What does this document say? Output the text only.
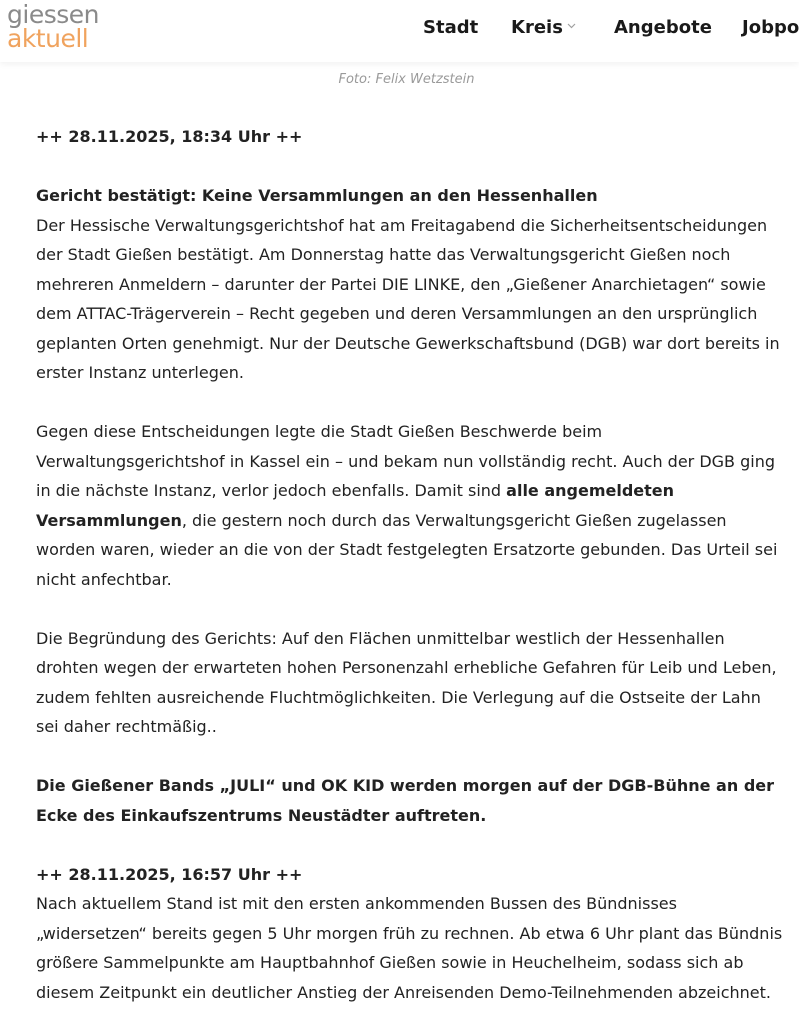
giessen
aktuell	Stadt Kreis	Angebote Jobpo
Foto: Felix Wetzstein

++ 28.11.2025, 18:34 Uhr ++

Gericht bestätigt: Keine Versammlungen an den Hessenhallen

Der Hessische Verwaltungsgerichtshof hat am Freitagabend die Sicherheitsentscheidungen der Stadt Gießen bestätigt. Am Donnerstag hatte das Verwaltungsgericht Gießen noch mehreren Anmeldern – darunter der Partei DIE LINKE, den „Gießener Anarchietagen“ sowie dem ATTAC-Trägerverein – Recht gegeben und deren Versammlungen an den ursprünglich geplanten Orten genehmigt. Nur der Deutsche Gewerkschaftsbund (DGB) war dort bereits in erster Instanz unterlegen.

Gegen diese Entscheidungen legte die Stadt Gießen Beschwerde beim Verwaltungsgerichtshof in Kassel ein – und bekam nun vollständig recht. Auch der DGB ging in die nächste Instanz, verlor jedoch ebenfalls. Damit sind alle angemeldeten Versammlungen, die gestern noch durch das Verwaltungsgericht Gießen zugelassen worden waren, wieder an die von der Stadt festgelegten Ersatzorte gebunden. Das Urteil sei nicht anfechtbar.

Die Begründung des Gerichts: Auf den Flächen unmittelbar westlich der Hessenhallen drohten wegen der erwarteten hohen Personenzahl erhebliche Gefahren für Leib und Leben, zudem fehlten ausreichende Fluchtmöglichkeiten. Die Verlegung auf die Ostseite der Lahn sei daher rechtmäßig..

Die Gießener Bands „JULI“ und OK KID werden morgen auf der DGB-Bühne an der Ecke des Einkaufszentrums Neustädter auftreten.

++ 28.11.2025, 16:57 Uhr ++

Nach aktuellem Stand ist mit den ersten ankommenden Bussen des Bündnisses „widersetzen“ bereits gegen 5 Uhr morgen früh zu rechnen. Ab etwa 6 Uhr plant das Bündnis größere Sammelpunkte am Hauptbahnhof Gießen sowie in Heuchelheim, sodass sich ab diesem Zeitpunkt ein deutlicher Anstieg der Anreisenden Demo-Teilnehmenden abzeichnet.
